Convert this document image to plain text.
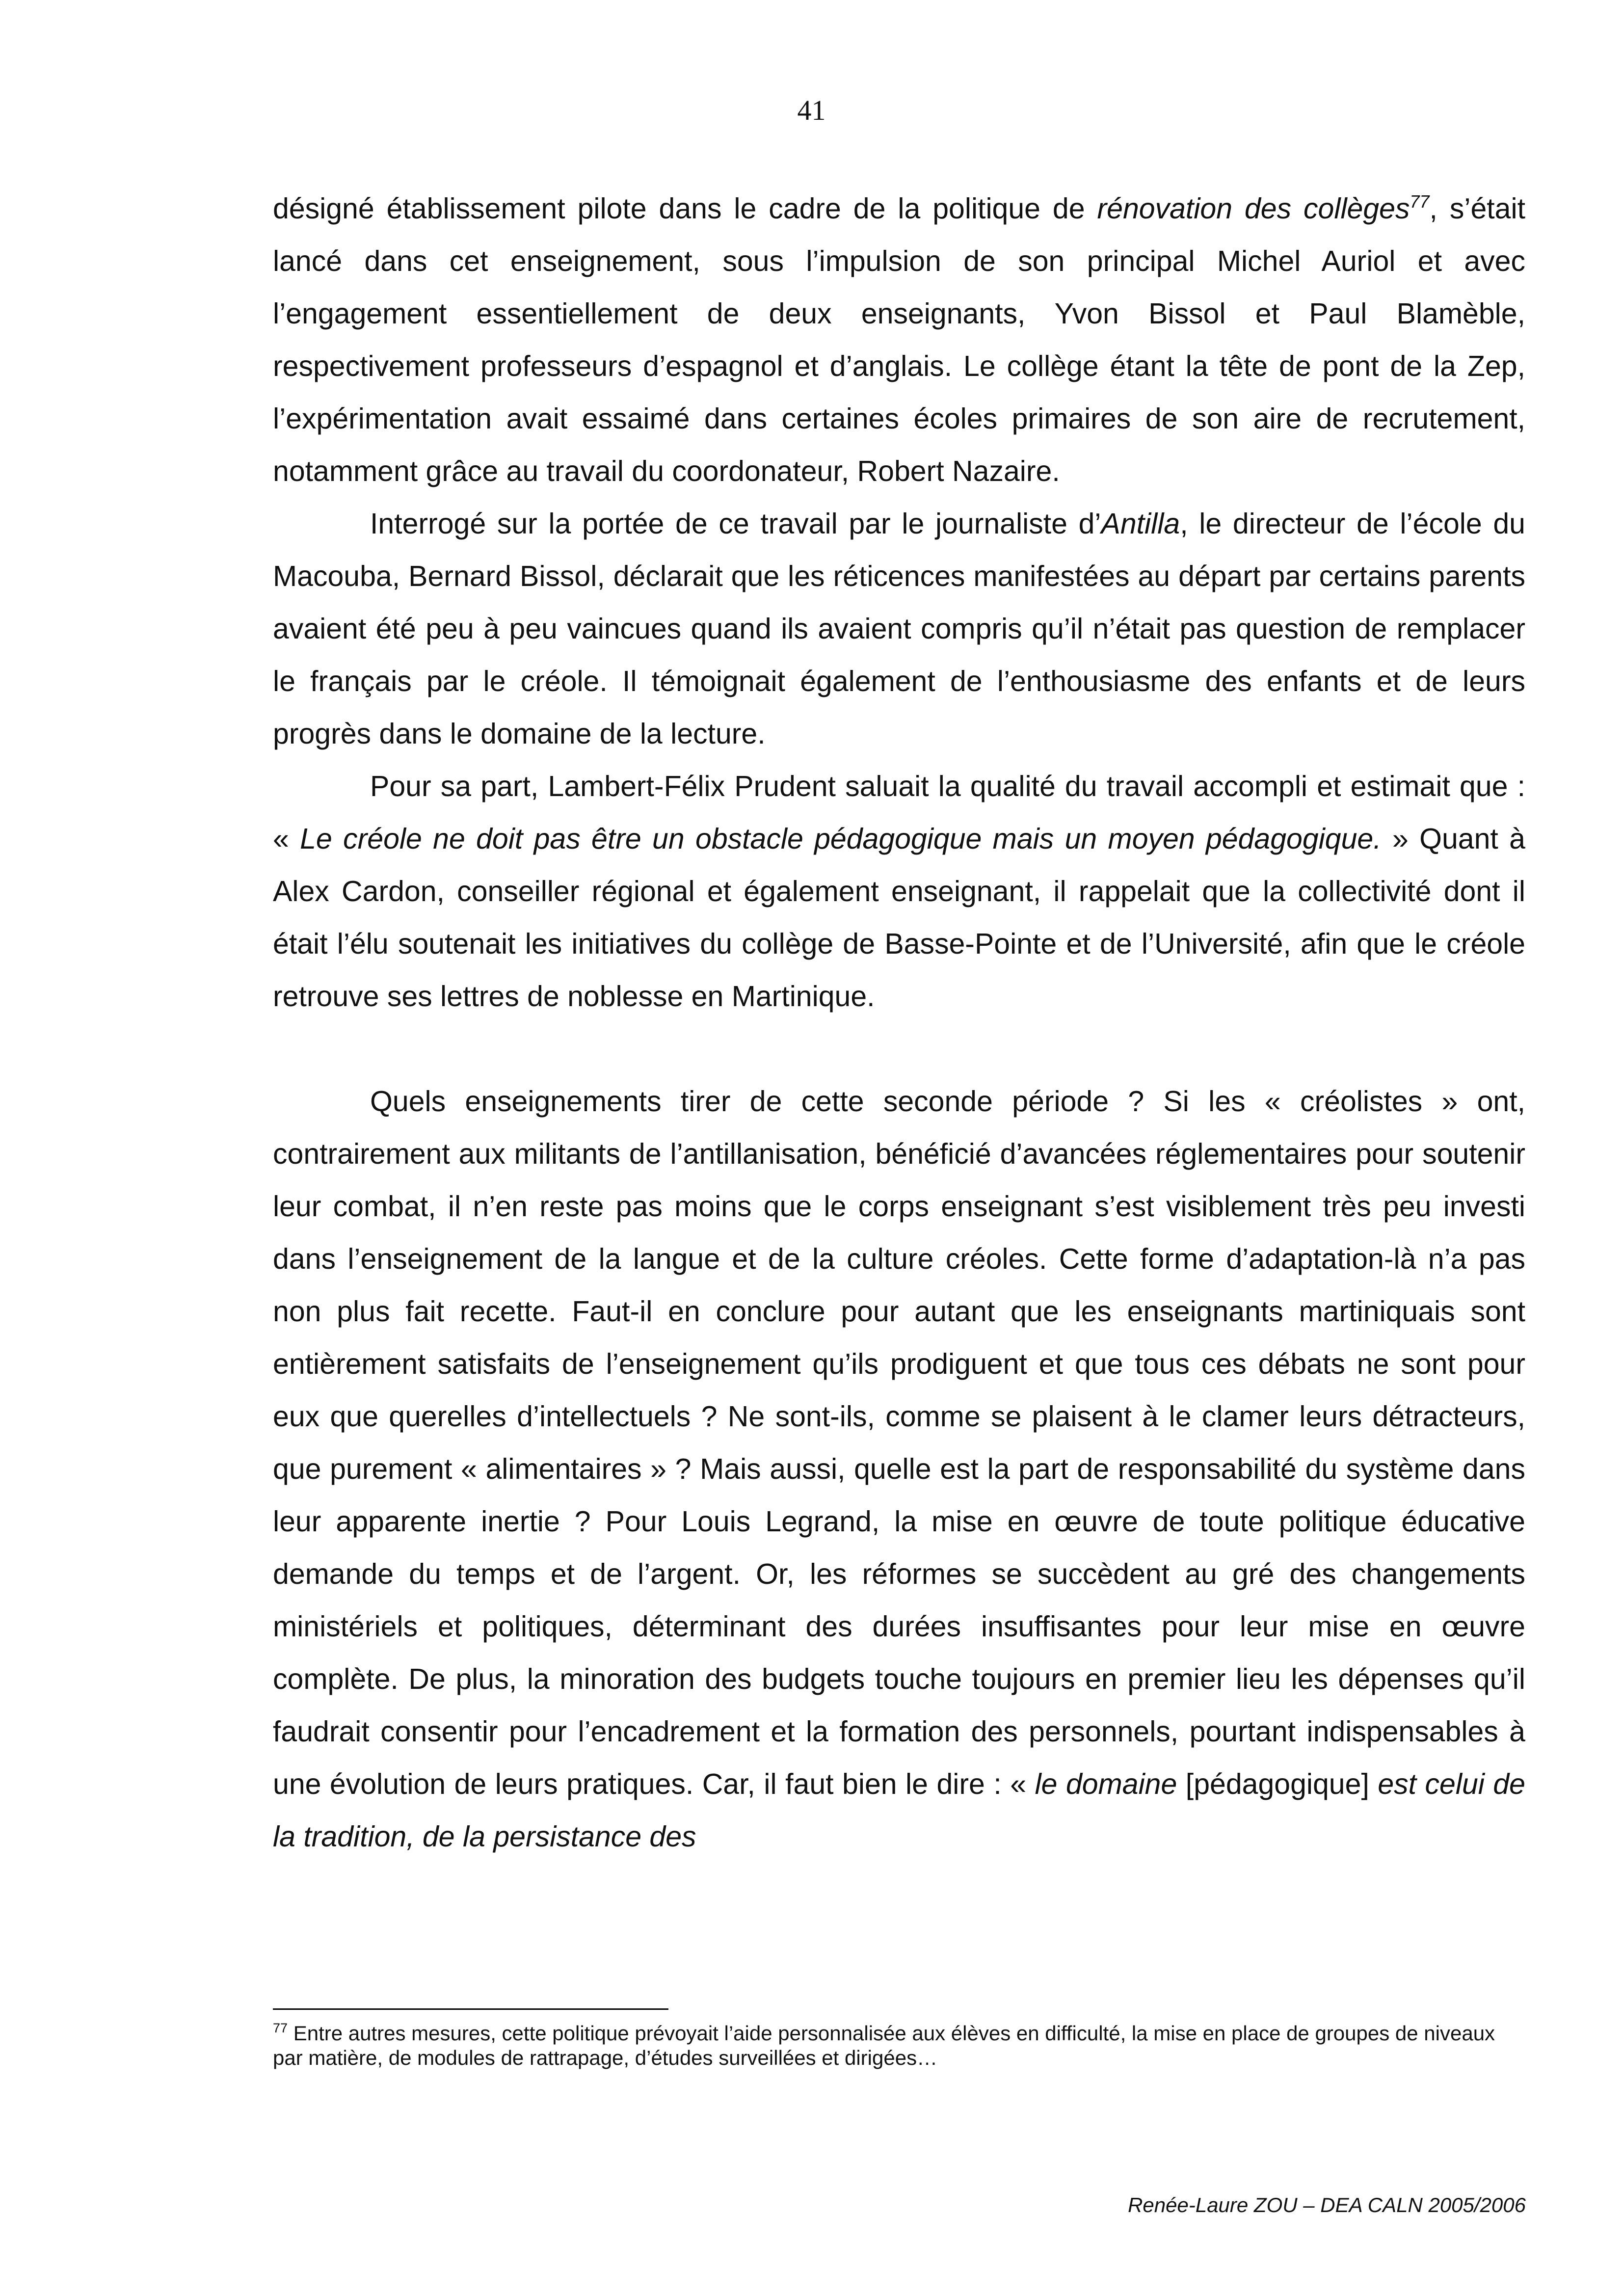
41

désigné établissement pilote dans le cadre de la politique de rénovation des collèges$^{77}$, s’était lancé dans cet enseignement, sous l’impulsion de son principal Michel Auriol et avec l’engagement essentiellement de deux enseignants, Yvon Bissol et Paul Blamèble, respectivement professeurs d’espagnol et d’anglais. Le collège étant la tête de pont de la Zep, l’expérimentation avait essaimé dans certaines écoles primaires de son aire de recrutement, notamment grâce au travail du coordonateur, Robert Nazaire.

Interrogé sur la portée de ce travail par le journaliste d’Antilla, le directeur de l’école du Macouba, Bernard Bissol, déclarait que les réticences manifestées au départ par certains parents avaient été peu à peu vaincues quand ils avaient compris qu’il n’était pas question de remplacer le français par le créole. Il témoignait également de l’enthousiasme des enfants et de leurs progrès dans le domaine de la lecture.

Pour sa part, Lambert-Félix Prudent saluait la qualité du travail accompli et estimait que : « Le créole ne doit pas être un obstacle pédagogique mais un moyen pédagogique. » Quant à Alex Cardon, conseiller régional et également enseignant, il rappelait que la collectivité dont il était l’élu soutenait les initiatives du collège de Basse-Pointe et de l’Université, afin que le créole retrouve ses lettres de noblesse en Martinique.

Quels enseignements tirer de cette seconde période ? Si les « créolistes » ont, contrairement aux militants de l’antillanisation, bénéficié d’avancées réglementaires pour soutenir leur combat, il n’en reste pas moins que le corps enseignant s’est visiblement très peu investi dans l’enseignement de la langue et de la culture créoles. Cette forme d’adaptation-là n’a pas non plus fait recette. Faut-il en conclure pour autant que les enseignants martiniquais sont entièrement satisfaits de l’enseignement qu’ils prodiguent et que tous ces débats ne sont pour eux que querelles d’intellectuels ? Ne sont-ils, comme se plaisent à le clamer leurs détracteurs, que purement « alimentaires » ? Mais aussi, quelle est la part de responsabilité du système dans leur apparente inertie ? Pour Louis Legrand, la mise en œuvre de toute politique éducative demande du temps et de l’argent. Or, les réformes se succèdent au gré des changements ministériels et politiques, déterminant des durées insuffisantes pour leur mise en œuvre complète. De plus, la minoration des budgets touche toujours en premier lieu les dépenses qu’il faudrait consentir pour l’encadrement et la formation des personnels, pourtant indispensables à une évolution de leurs pratiques. Car, il faut bien le dire : « le domaine [pédagogique] est celui de la tradition, de la persistance des

$^{77}$ Entre autres mesures, cette politique prévoyait l’aide personnalisée aux élèves en difficulté, la mise en place de groupes de niveaux par matière, de modules de rattrapage, d’études surveillées et dirigées…
Renée-Laure ZOU – DEA CALN 2005/2006
